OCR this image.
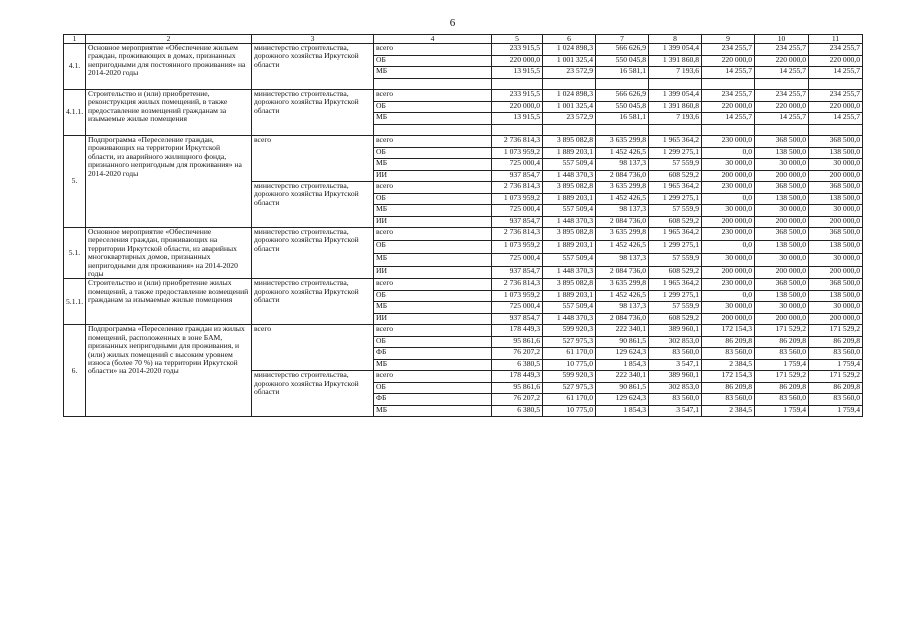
6
1	2	3	4	5	6	7	8	9	10	11
4.1.	Основное мероприятие «Обеспечение жильем граждан, проживающих в домах, признанных непригодными для постоянного проживания» на 2014-2020 годы	министерство строительства, дорожного хозяйства Иркутской области	всего	233 915,5	1 024 898,3	566 626,9	1 399 054,4	234 255,7	234 255,7	234 255,7
			ОБ	220 000,0	1 001 325,4	550 045,8	1 391 860,8	220 000,0	220 000,0	220 000,0
			МБ	13 915,5	23 572,9	16 581,1	7 193,6	14 255,7	14 255,7	14 255,7

4.1.1.	Строительство и (или) приобретение, реконструкция жилых помещений, в также предоставление возмещений гражданам за изымаемые жилые помещения	министерство строительства, дорожного хозяйства Иркутской области	всего	233 915,5	1 024 898,3	566 626,9	1 399 054,4	234 255,7	234 255,7	234 255,7
			ОБ	220 000,0	1 001 325,4	550 045,8	1 391 860,8	220 000,0	220 000,0	220 000,0
			МБ	13 915,5	23 572,9	16 581,1	7 193,6	14 255,7	14 255,7	14 255,7

5.	Подпрограмма «Переселение граждан, проживающих на территории Иркутской области, из аварийного жилищного фонда, признанного непригодным для проживания» на 2014-2020 годы	всего	всего	2 736 814,3	3 895 082,8	3 635 299,8	1 965 364,2	230 000,0	368 500,0	368 500,0
			ОБ	1 073 959,2	1 889 203,1	1 452 426,5	1 299 275,1	0,0	138 500,0	138 500,0
			МБ	725 000,4	557 509,4	98 137,3	57 559,9	30 000,0	30 000,0	30 000,0
			ИИ	937 854,7	1 448 370,3	2 084 736,0	608 529,2	200 000,0	200 000,0	200 000,0
		министерство строительства, дорожного хозяйства Иркутской области	всего	2 736 814,3	3 895 082,8	3 635 299,8	1 965 364,2	230 000,0	368 500,0	368 500,0
			ОБ	1 073 959,2	1 889 203,1	1 452 426,5	1 299 275,1	0,0	138 500,0	138 500,0
			МБ	725 000,4	557 509,4	98 137,3	57 559,9	30 000,0	30 000,0	30 000,0
			ИИ	937 854,7	1 448 370,3	2 084 736,0	608 529,2	200 000,0	200 000,0	200 000,0
5.1.	Основное мероприятие «Обеспечение переселения граждан, проживающих на территории Иркутской области, из аварийных многоквартирных домов, признанных непригодными для проживания» на 2014-2020 годы	министерство строительства, дорожного хозяйства Иркутской области	всего	2 736 814,3	3 895 082,8	3 635 299,8	1 965 364,2	230 000,0	368 500,0	368 500,0
			ОБ	1 073 959,2	1 889 203,1	1 452 426,5	1 299 275,1	0,0	138 500,0	138 500,0
			МБ	725 000,4	557 509,4	98 137,3	57 559,9	30 000,0	30 000,0	30 000,0
			ИИ	937 854,7	1 448 370,3	2 084 736,0	608 529,2	200 000,0	200 000,0	200 000,0
5.1.1.	Строительство и (или) приобретение жилых помещений, а также предоставление возмещений гражданам за изымаемые жилые помещения	министерство строительства, дорожного хозяйства Иркутской области	всего	2 736 814,3	3 895 082,8	3 635 299,8	1 965 364,2	230 000,0	368 500,0	368 500,0
			ОБ	1 073 959,2	1 889 203,1	1 452 426,5	1 299 275,1	0,0	138 500,0	138 500,0
			МБ	725 000,4	557 509,4	98 137,3	57 559,9	30 000,0	30 000,0	30 000,0
			ИИ	937 854,7	1 448 370,3	2 084 736,0	608 529,2	200 000,0	200 000,0	200 000,0
6.	Подпрограмма «Переселение граждан из жилых помещений, расположенных в зоне БАМ, признанных непригодными для проживания, и (или) жилых помещений с высоким уровнем износа (более 70 %) на территории Иркутской области» на 2014-2020 годы	всего	всего	178 449,3	599 920,3	222 340,1	389 960,1	172 154,3	171 529,2	171 529,2
			ОБ	95 861,6	527 975,3	90 861,5	302 853,0	86 209,8	86 209,8	86 209,8
			ФБ	76 207,2	61 170,0	129 624,3	83 560,0	83 560,0	83 560,0	83 560,0
			МБ	6 380,5	10 775,0	1 854,3	3 547,1	2 384,5	1 759,4	1 759,4
		министерство строительства, дорожного хозяйства Иркутской области	всего	178 449,3	599 920,3	222 340,1	389 960,1	172 154,3	171 529,2	171 529,2
			ОБ	95 861,6	527 975,3	90 861,5	302 853,0	86 209,8	86 209,8	86 209,8
			ФБ	76 207,2	61 170,0	129 624,3	83 560,0	83 560,0	83 560,0	83 560,0
			МБ	6 380,5	10 775,0	1 854,3	3 547,1	2 384,5	1 759,4	1 759,4
